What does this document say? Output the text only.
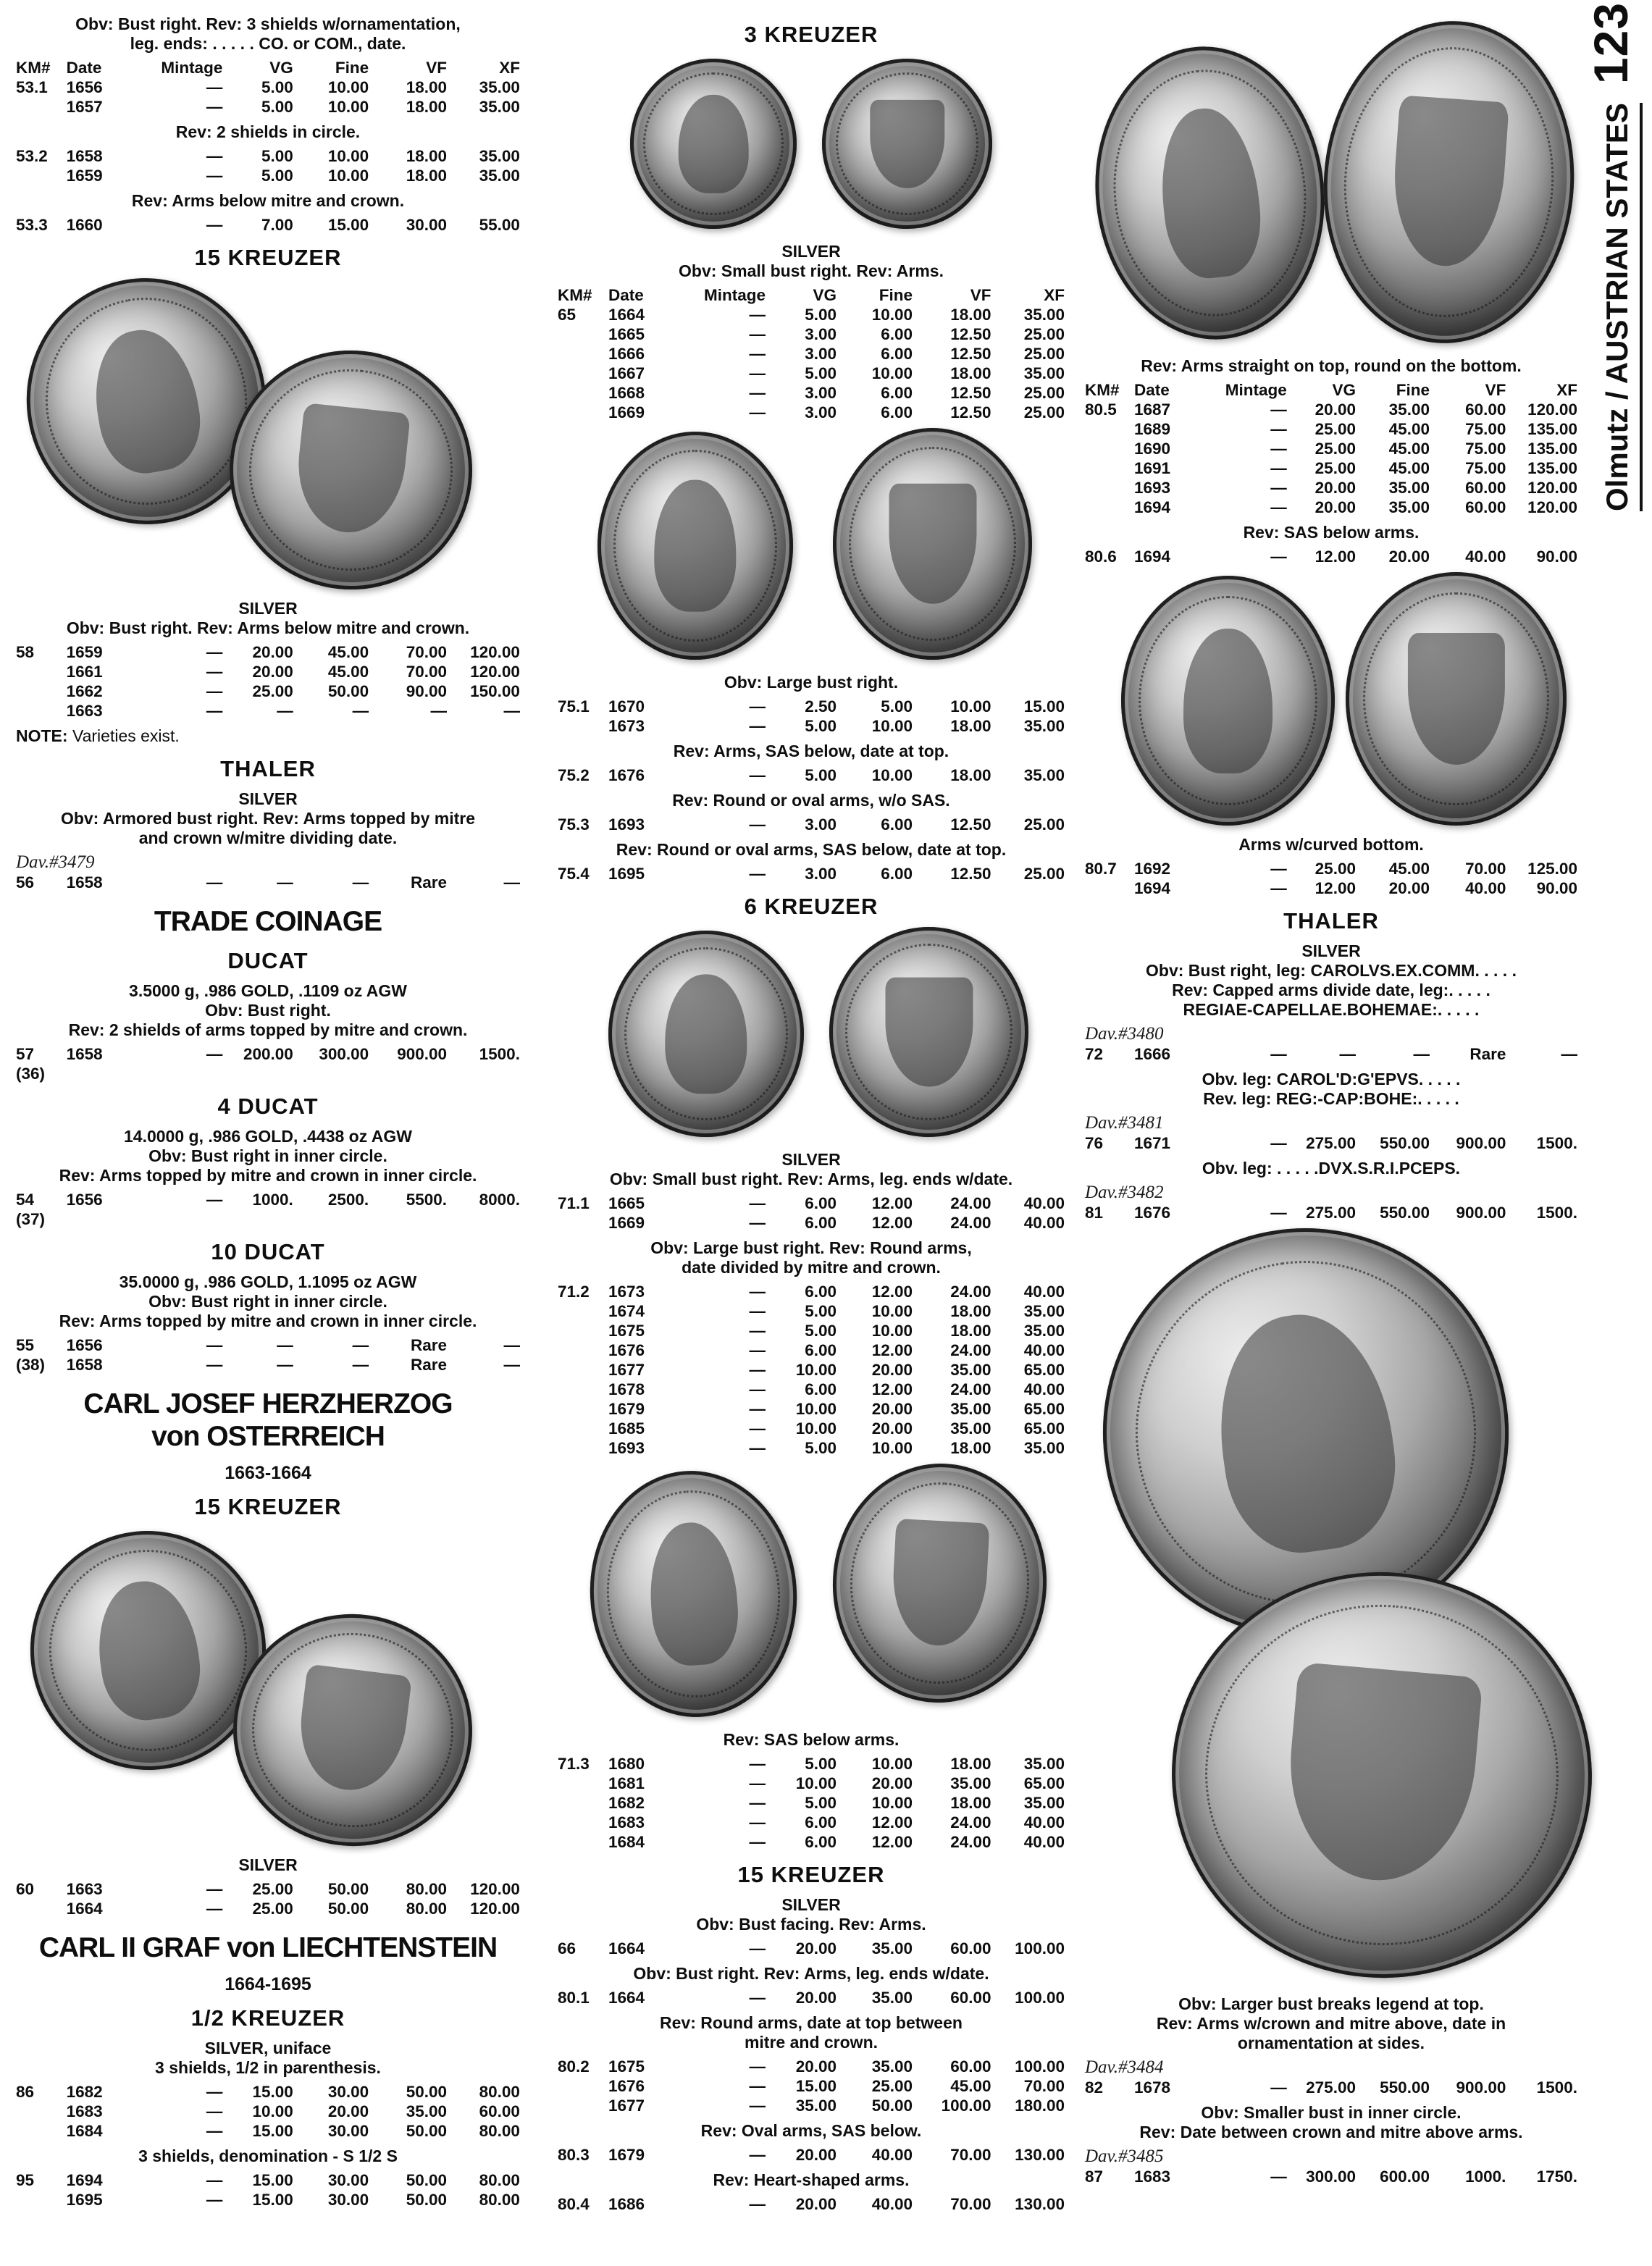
Obv: Bust right. Rev: 3 shields w/ornamentation,
leg. ends: . . . . . CO. or COM., date.
KM# Date	Mintage	VG	Fine	VF	XF
53.1	1656	—	5.00	10.00	18.00	35.00
1657	—	5.00	10.00	18.00	35.00
Rev: 2 shields in circle.
53.2	1658	—	5.00	10.00	18.00	35.00
1659	—	5.00	10.00	18.00	35.00
Rev: Arms below mitre and crown.
53.3	1660	—	7.00	15.00	30.00	55.00
15 KREUZER
SILVER
Obv: Bust right. Rev: Arms below mitre and crown.
58	1659	—	20.00	45.00	70.00	120.00
1661	—	20.00	45.00	70.00	120.00
1662	—	25.00	50.00	90.00	150.00
1663	—	—	—	—	—
NOTE: Varieties exist.
THALER
SILVER
Obv: Armored bust right. Rev: Arms topped by mitre
and crown w/mitre dividing date.
Dav.#3479
56	1658	—	—	—	Rare	—
TRADE COINAGE
DUCAT
3.5000 g, .986 GOLD, .1109 oz AGW
Obv: Bust right.
Rev: 2 shields of arms topped by mitre and crown.
57	1658	—	200.00	300.00	900.00	1500.
(36)
4 DUCAT
14.0000 g, .986 GOLD, .4438 oz AGW
Obv: Bust right in inner circle.
Rev: Arms topped by mitre and crown in inner circle.
54	1656	—	1000.	2500.	5500.	8000.
(37)
10 DUCAT
35.0000 g, .986 GOLD, 1.1095 oz AGW
Obv: Bust right in inner circle.
Rev: Arms topped by mitre and crown in inner circle.
55	1656	—	—	—	Rare	—
(38)	1658	—	—	—	Rare	—
CARL JOSEF HERZHERZOG
von OSTERREICH
1663-1664
15 KREUZER
SILVER
60	1663	—	25.00	50.00	80.00	120.00
1664	—	25.00	50.00	80.00	120.00
CARL II GRAF von LIECHTENSTEIN
1664-1695
1/2 KREUZER
SILVER, uniface
3 shields, 1/2 in parenthesis.
86	1682	—	15.00	30.00	50.00	80.00
1683	—	10.00	20.00	35.00	60.00
1684	—	15.00	30.00	50.00	80.00
3 shields, denomination - S 1/2 S
95	1694	—	15.00	30.00	50.00	80.00
1695	—	15.00	30.00	50.00	80.00
3 KREUZER
SILVER
Obv: Small bust right. Rev: Arms.
KM# Date	Mintage	VG	Fine	VF	XF
65	1664	—	5.00	10.00	18.00	35.00
1665	—	3.00	6.00	12.50	25.00
1666	—	3.00	6.00	12.50	25.00
1667	—	5.00	10.00	18.00	35.00
1668	—	3.00	6.00	12.50	25.00
1669	—	3.00	6.00	12.50	25.00
Obv: Large bust right.
75.1	1670	—	2.50	5.00	10.00	15.00
1673	—	5.00	10.00	18.00	35.00
Rev: Arms, SAS below, date at top.
75.2	1676	—	5.00	10.00	18.00	35.00
Rev: Round or oval arms, w/o SAS.
75.3	1693	—	3.00	6.00	12.50	25.00
Rev: Round or oval arms, SAS below, date at top.
75.4	1695	—	3.00	6.00	12.50	25.00
6 KREUZER
SILVER
Obv: Small bust right. Rev: Arms, leg. ends w/date.
71.1	1665	—	6.00	12.00	24.00	40.00
1669	—	6.00	12.00	24.00	40.00
Obv: Large bust right. Rev: Round arms,
date divided by mitre and crown.
71.2	1673	—	6.00	12.00	24.00	40.00
1674	—	5.00	10.00	18.00	35.00
1675	—	5.00	10.00	18.00	35.00
1676	—	6.00	12.00	24.00	40.00
1677	—	10.00	20.00	35.00	65.00
1678	—	6.00	12.00	24.00	40.00
1679	—	10.00	20.00	35.00	65.00
1685	—	10.00	20.00	35.00	65.00
1693	—	5.00	10.00	18.00	35.00
Rev: SAS below arms.
71.3	1680	—	5.00	10.00	18.00	35.00
1681	—	10.00	20.00	35.00	65.00
1682	—	5.00	10.00	18.00	35.00
1683	—	6.00	12.00	24.00	40.00
1684	—	6.00	12.00	24.00	40.00
15 KREUZER
SILVER
Obv: Bust facing. Rev: Arms.
66	1664	—	20.00	35.00	60.00	100.00
Obv: Bust right. Rev: Arms, leg. ends w/date.
80.1	1664	—	20.00	35.00	60.00	100.00
Rev: Round arms, date at top between
mitre and crown.
80.2	1675	—	20.00	35.00	60.00	100.00
1676	—	15.00	25.00	45.00	70.00
1677	—	35.00	50.00	100.00	180.00
Rev: Oval arms, SAS below.
80.3	1679	—	20.00	40.00	70.00	130.00
Rev: Heart-shaped arms.
80.4	1686	—	20.00	40.00	70.00	130.00
Rev: Arms straight on top, round on the bottom.
KM# Date	Mintage	VG	Fine	VF	XF
80.5	1687	—	20.00	35.00	60.00	120.00
1689	—	25.00	45.00	75.00	135.00
1690	—	25.00	45.00	75.00	135.00
1691	—	25.00	45.00	75.00	135.00
1693	—	20.00	35.00	60.00	120.00
1694	—	20.00	35.00	60.00	120.00
Rev: SAS below arms.
80.6	1694	—	12.00	20.00	40.00	90.00
Arms w/curved bottom.
80.7	1692	—	25.00	45.00	70.00	125.00
1694	—	12.00	20.00	40.00	90.00
THALER
SILVER
Obv: Bust right, leg: CAROLVS.EX.COMM. . . . .
Rev: Capped arms divide date, leg:. . . . .
REGIAE-CAPELLAE.BOHEMAE:. . . . .
Dav.#3480
72	1666	—	—	—	Rare	—
Obv. leg: CAROL'D:G'EPVS. . . . .
Rev. leg: REG:-CAP:BOHE:. . . . .
Dav.#3481
76	1671	—	275.00	550.00	900.00	1500.
Obv. leg: . . . . .DVX.S.R.I.PCEPS.
Dav.#3482
81	1676	—	275.00	550.00	900.00	1500.
Obv: Larger bust breaks legend at top.
Rev: Arms w/crown and mitre above, date in
ornamentation at sides.
Dav.#3484
82	1678	—	275.00	550.00	900.00	1500.
Obv: Smaller bust in inner circle.
Rev: Date between crown and mitre above arms.
Dav.#3485
87	1683	—	300.00	600.00	1000.	1750.
Olmutz / AUSTRIAN STATES
123
